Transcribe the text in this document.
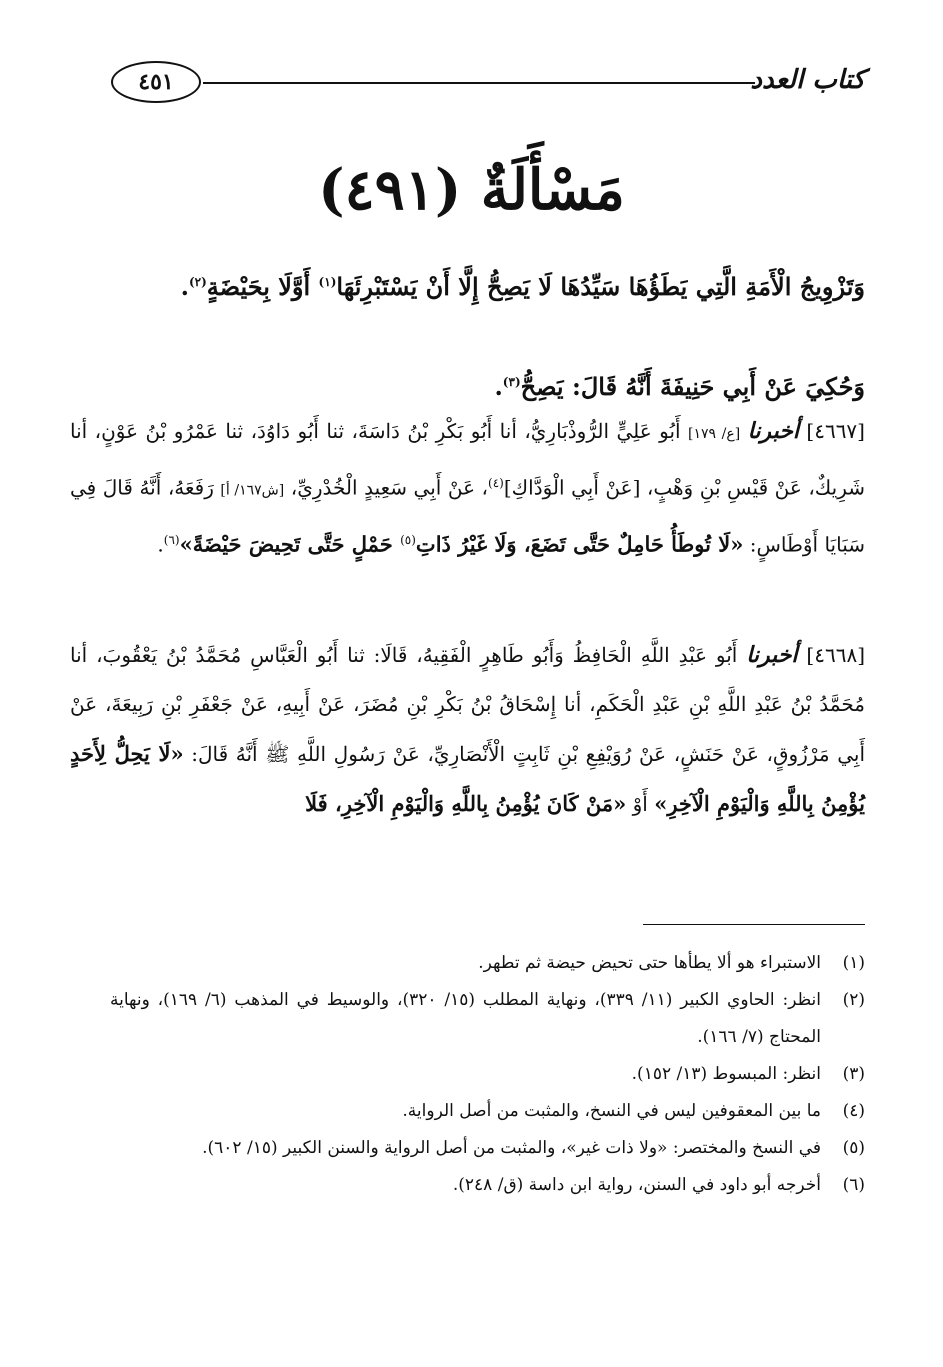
كتاب العدد
٤٥١
مَسْأَلَةٌ (٤٩١)

وَتَزْوِيجُ الْأَمَةِ الَّتِي يَطَؤُهَا سَيِّدُهَا لَا يَصِحُّ إِلَّا أَنْ يَسْتَبْرِئَهَا$^{(١)}$ أَوَّلَا بِحَيْضَةٍ$^{(٢)}$.

وَحُكِيَ عَنْ أَبِي حَنِيفَةَ أَنَّهُ قَالَ: يَصِحُّ$^{(٣)}$.

[٤٦٦٧] أخبرنا [ع/ ١٧٩] أَبُو عَلِيٍّ الرُّوذْبَارِيُّ، أنا أَبُو بَكْرِ بْنُ دَاسَةَ، ثنا أَبُو دَاوُدَ، ثنا عَمْرُو بْنُ عَوْنٍ، أنا شَرِيكٌ، عَنْ قَيْسِ بْنِ وَهْبٍ، [عَنْ أَبِي الْوَدَّاكِ]$^{(٤)}$، عَنْ أَبِي سَعِيدٍ الْخُدْرِيِّ، [ش١٦٧/ أ] رَفَعَهُ، أَنَّهُ قَالَ فِي سَبَايَا أَوْطَاسٍ: «لَا تُوطَأُ حَامِلٌ حَتَّى تَضَعَ، وَلَا غَيْرُ ذَاتِ$^{(٥)}$ حَمْلٍ حَتَّى تَحِيضَ حَيْضَةً»$^{(٦)}$.

[٤٦٦٨] أخبرنا أَبُو عَبْدِ اللَّهِ الْحَافِظُ وَأَبُو طَاهِرٍ الْفَقِيهُ، قَالَا: ثنا أَبُو الْعَبَّاسِ مُحَمَّدُ بْنُ يَعْقُوبَ، أنا مُحَمَّدُ بْنُ عَبْدِ اللَّهِ بْنِ عَبْدِ الْحَكَمِ، أنا إِسْحَاقُ بْنُ بَكْرِ بْنِ مُضَرَ، عَنْ أَبِيهِ، عَنْ جَعْفَرِ بْنِ رَبِيعَةَ، عَنْ أَبِي مَرْزُوقٍ، عَنْ حَنَشٍ، عَنْ رُوَيْفِعِ بْنِ ثَابِتٍ الْأَنْصَارِيِّ، عَنْ رَسُولِ اللَّهِ ﷺ أَنَّهُ قَالَ: «لَا يَحِلُّ لِأَحَدٍ يُؤْمِنُ بِاللَّهِ وَالْيَوْمِ الْآخِرِ» أَوْ «مَنْ كَانَ يُؤْمِنُ بِاللَّهِ وَالْيَوْمِ الْآخِرِ، فَلَا

(١)
الاستبراء هو ألا يطأها حتى تحيض حيضة ثم تطهر.
(٢)
انظر: الحاوي الكبير (١١/ ٣٣٩)، ونهاية المطلب (١٥/ ٣٢٠)، والوسيط في المذهب (٦/ ١٦٩)، ونهاية المحتاج (٧/ ١٦٦).
(٣)
انظر: المبسوط (١٣/ ١٥٢).
(٤)
ما بين المعقوفين ليس في النسخ، والمثبت من أصل الرواية.
(٥)
في النسخ والمختصر: «ولا ذات غير»، والمثبت من أصل الرواية والسنن الكبير (١٥/ ٦٠٢).
(٦)
أخرجه أبو داود في السنن، رواية ابن داسة (ق/ ٢٤٨).
